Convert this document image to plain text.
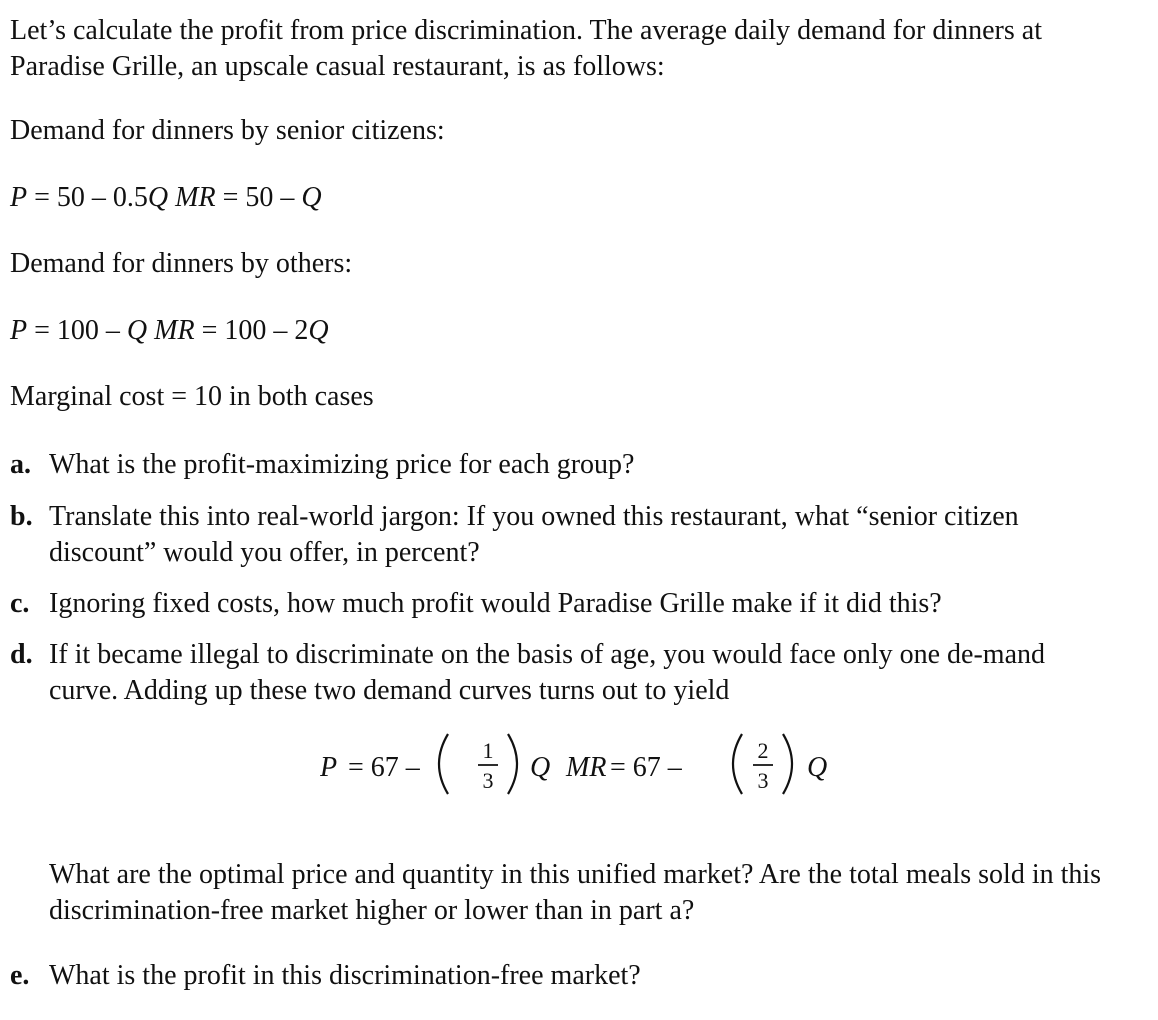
Let’s calculate the profit from price discrimination. The average daily demand for dinners at Paradise Grille, an upscale casual restaurant, is as follows:
Demand for dinners by senior citizens:
P = 50 – 0.5Q MR = 50 – Q
Demand for dinners by others:
P = 100 – Q MR = 100 – 2Q
Marginal cost = 10 in both cases
a. What is the profit-maximizing price for each group?
b. Translate this into real-world jargon: If you owned this restaurant, what “senior citizen discount” would you offer, in percent?
c. Ignoring fixed costs, how much profit would Paradise Grille make if it did this?
d. If it became illegal to discriminate on the basis of age, you would face only one de-mand curve. Adding up these two demand curves turns out to yield
P = 67 –
1
3 Q MR = 67 –
2
3 Q
What are the optimal price and quantity in this unified market? Are the total meals sold in this discrimination-free market higher or lower than in part a?
e. What is the profit in this discrimination-free market?
